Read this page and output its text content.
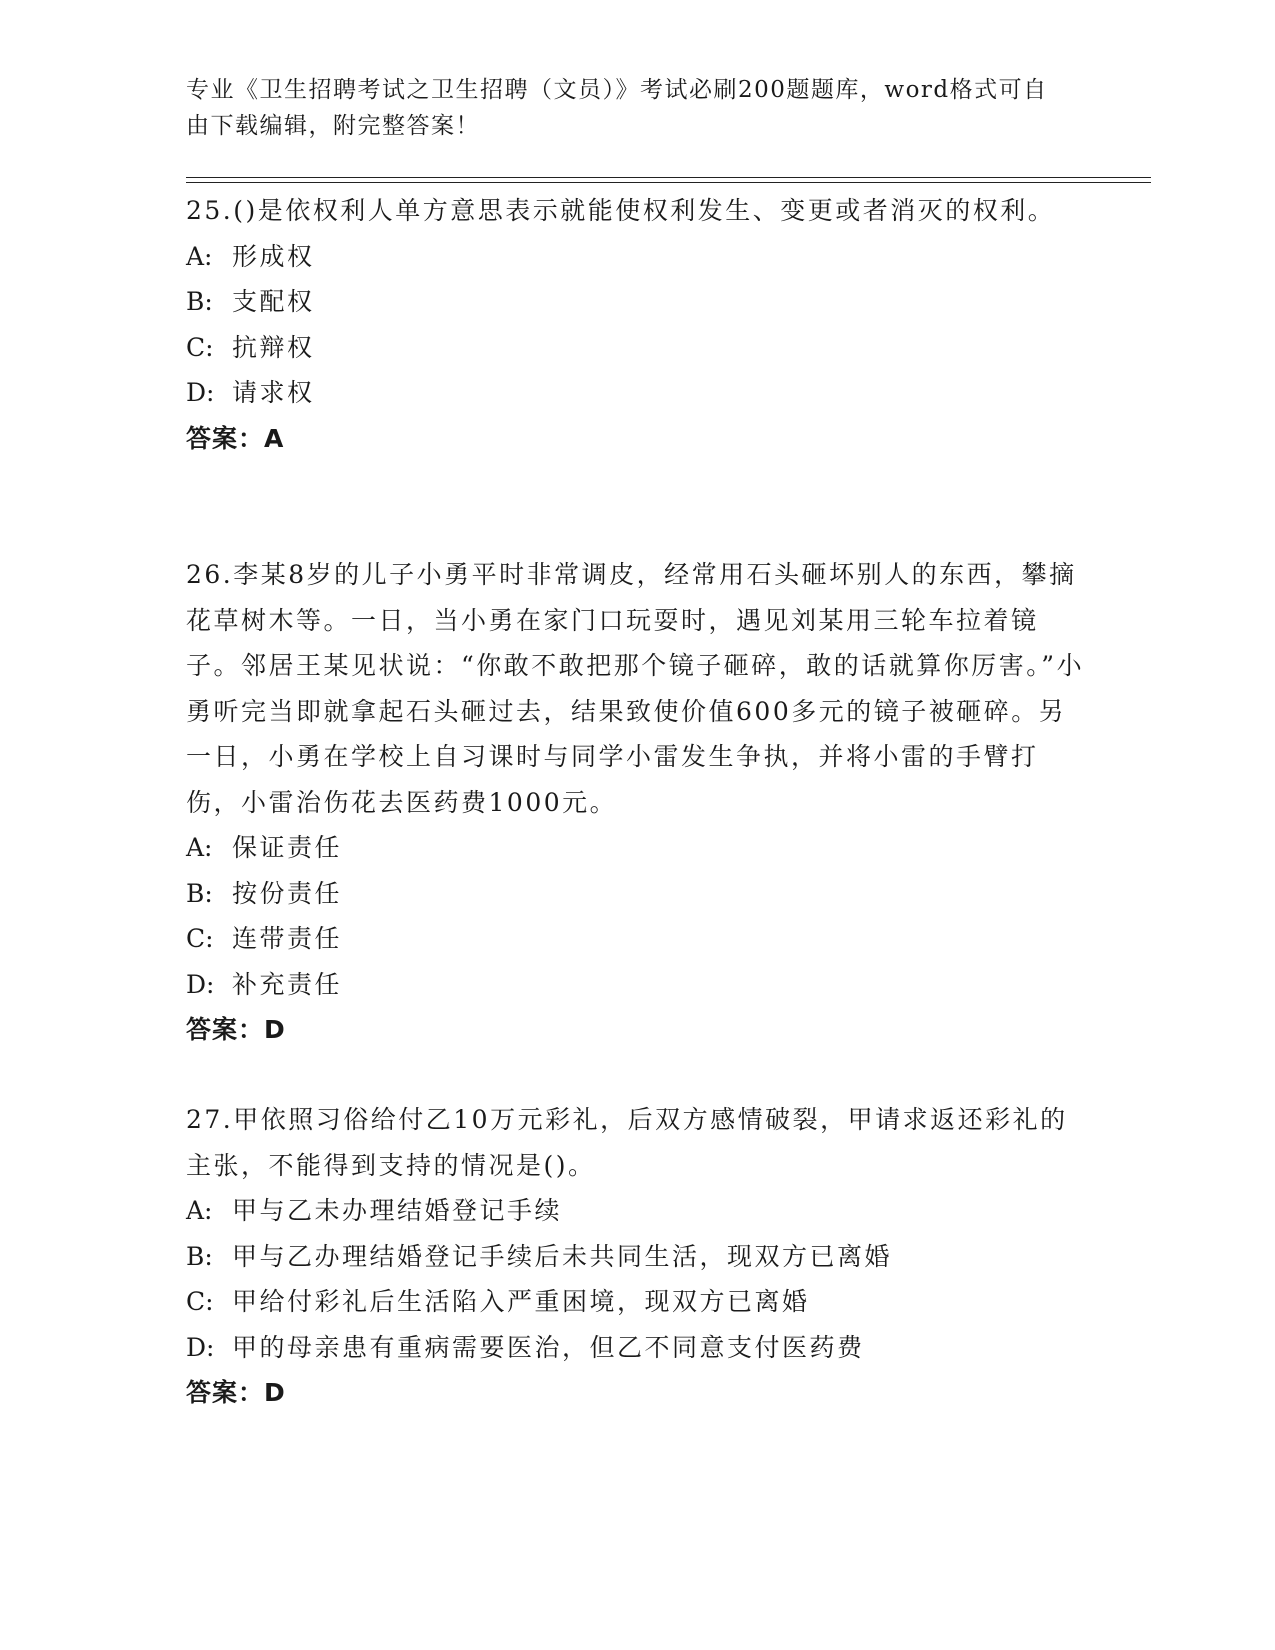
专业《卫生招聘考试之卫生招聘（文员）》考试必刷200题题库，word格式可自由下载编辑，附完整答案！

25.()是依权利人单方意思表示就能使权利发生、变更或者消灭的权利。

A: 形成权

B: 支配权

C: 抗辩权

D: 请求权

答案：A

26.李某8岁的儿子小勇平时非常调皮，经常用石头砸坏别人的东西，攀摘花草树木等。一日，当小勇在家门口玩耍时，遇见刘某用三轮车拉着镜子。邻居王某见状说：“你敢不敢把那个镜子砸碎，敢的话就算你厉害。”小勇听完当即就拿起石头砸过去，结果致使价值600多元的镜子被砸碎。另一日，小勇在学校上自习课时与同学小雷发生争执，并将小雷的手臂打伤，小雷治伤花去医药费1000元。

A: 保证责任

B: 按份责任

C: 连带责任

D: 补充责任

答案：D

27.甲依照习俗给付乙10万元彩礼，后双方感情破裂，甲请求返还彩礼的主张，不能得到支持的情况是()。

A: 甲与乙未办理结婚登记手续

B: 甲与乙办理结婚登记手续后未共同生活，现双方已离婚

C: 甲给付彩礼后生活陷入严重困境，现双方已离婚

D: 甲的母亲患有重病需要医治，但乙不同意支付医药费

答案：D
